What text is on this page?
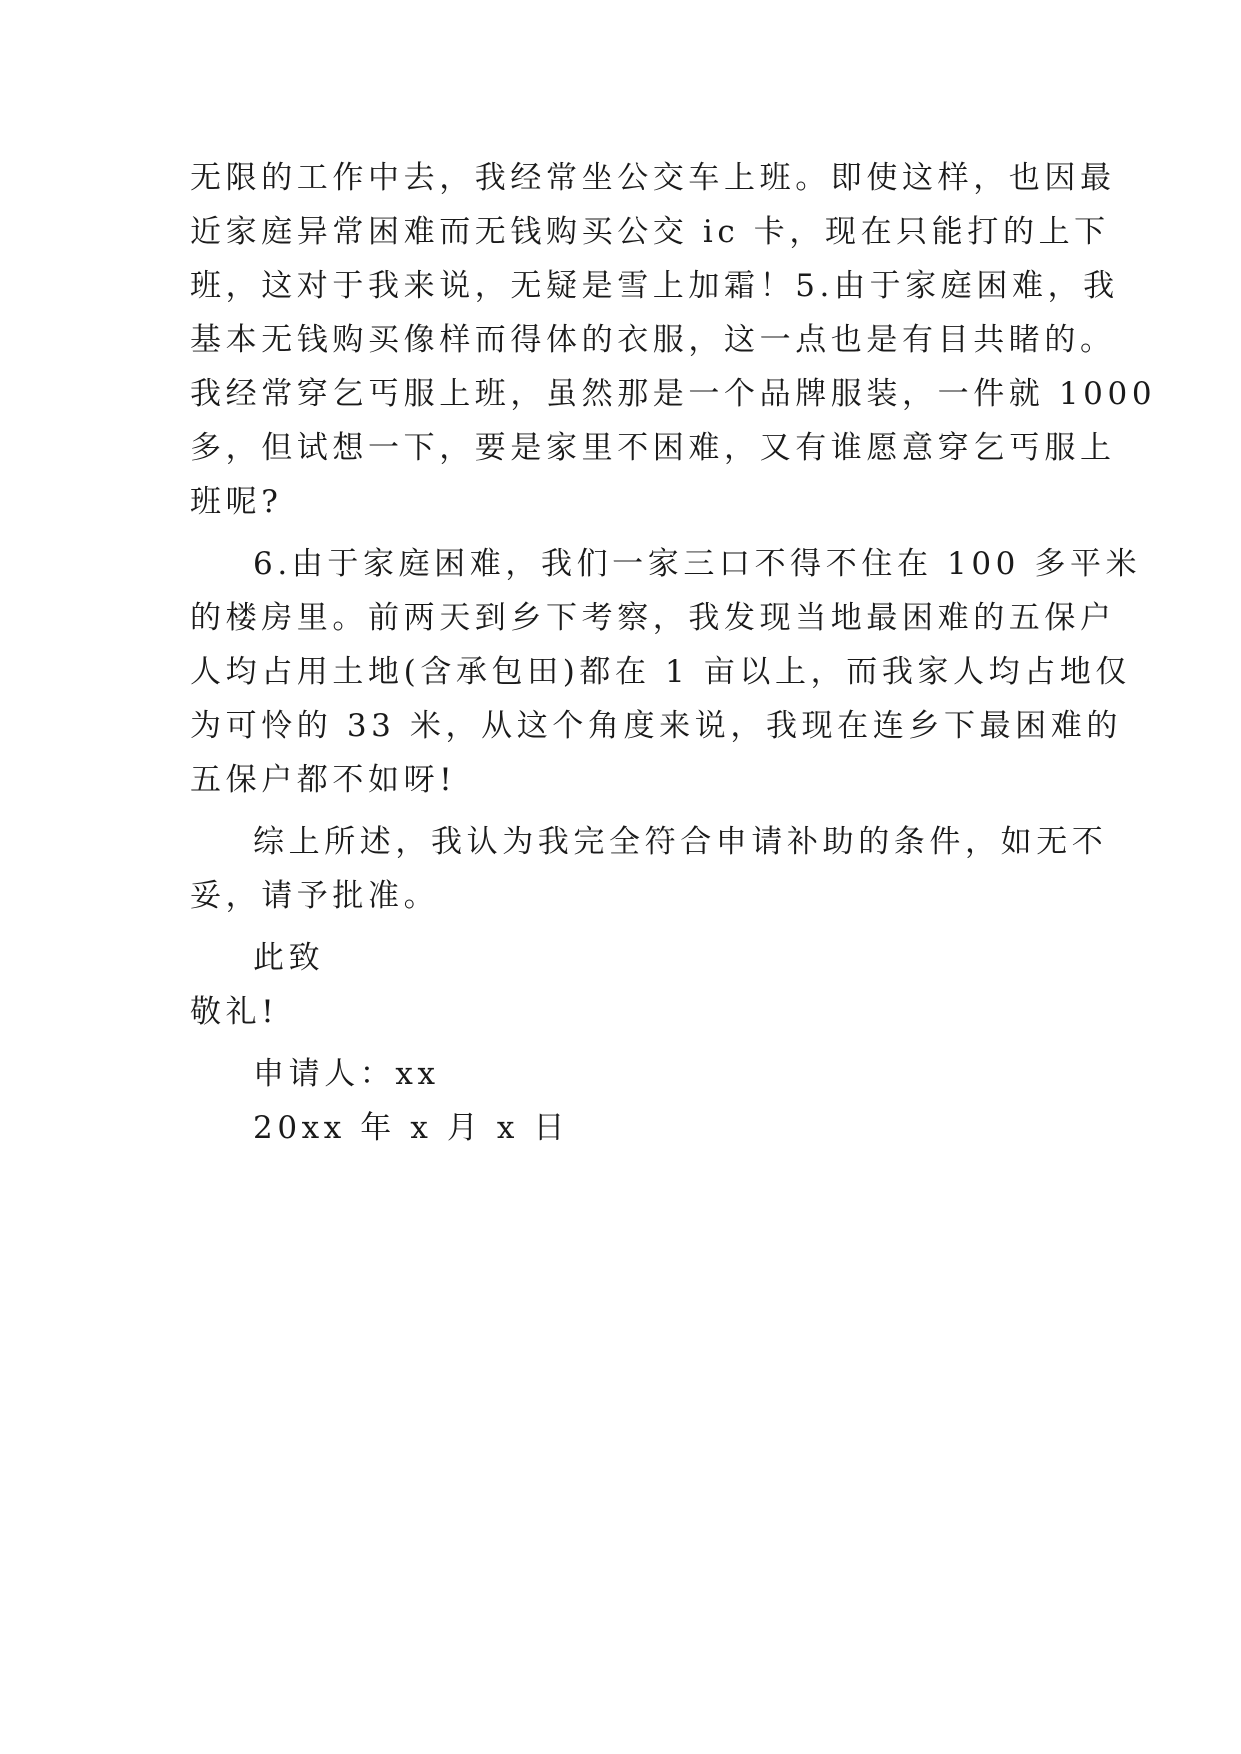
无限的工作中去，我经常坐公交车上班。即使这样，也因最
近家庭异常困难而无钱购买公交 ic 卡，现在只能打的上下
班，这对于我来说，无疑是雪上加霜！5.由于家庭困难，我
基本无钱购买像样而得体的衣服，这一点也是有目共睹的。
我经常穿乞丐服上班，虽然那是一个品牌服装，一件就 1000
多，但试想一下，要是家里不困难，又有谁愿意穿乞丐服上
班呢?
6.由于家庭困难，我们一家三口不得不住在 100 多平米
的楼房里。前两天到乡下考察，我发现当地最困难的五保户
人均占用土地(含承包田)都在 1 亩以上，而我家人均占地仅
为可怜的 33 米，从这个角度来说，我现在连乡下最困难的
五保户都不如呀!
综上所述，我认为我完全符合申请补助的条件，如无不
妥，请予批准。
此致
敬礼!
申请人：xx
20xx 年 x 月 x 日
